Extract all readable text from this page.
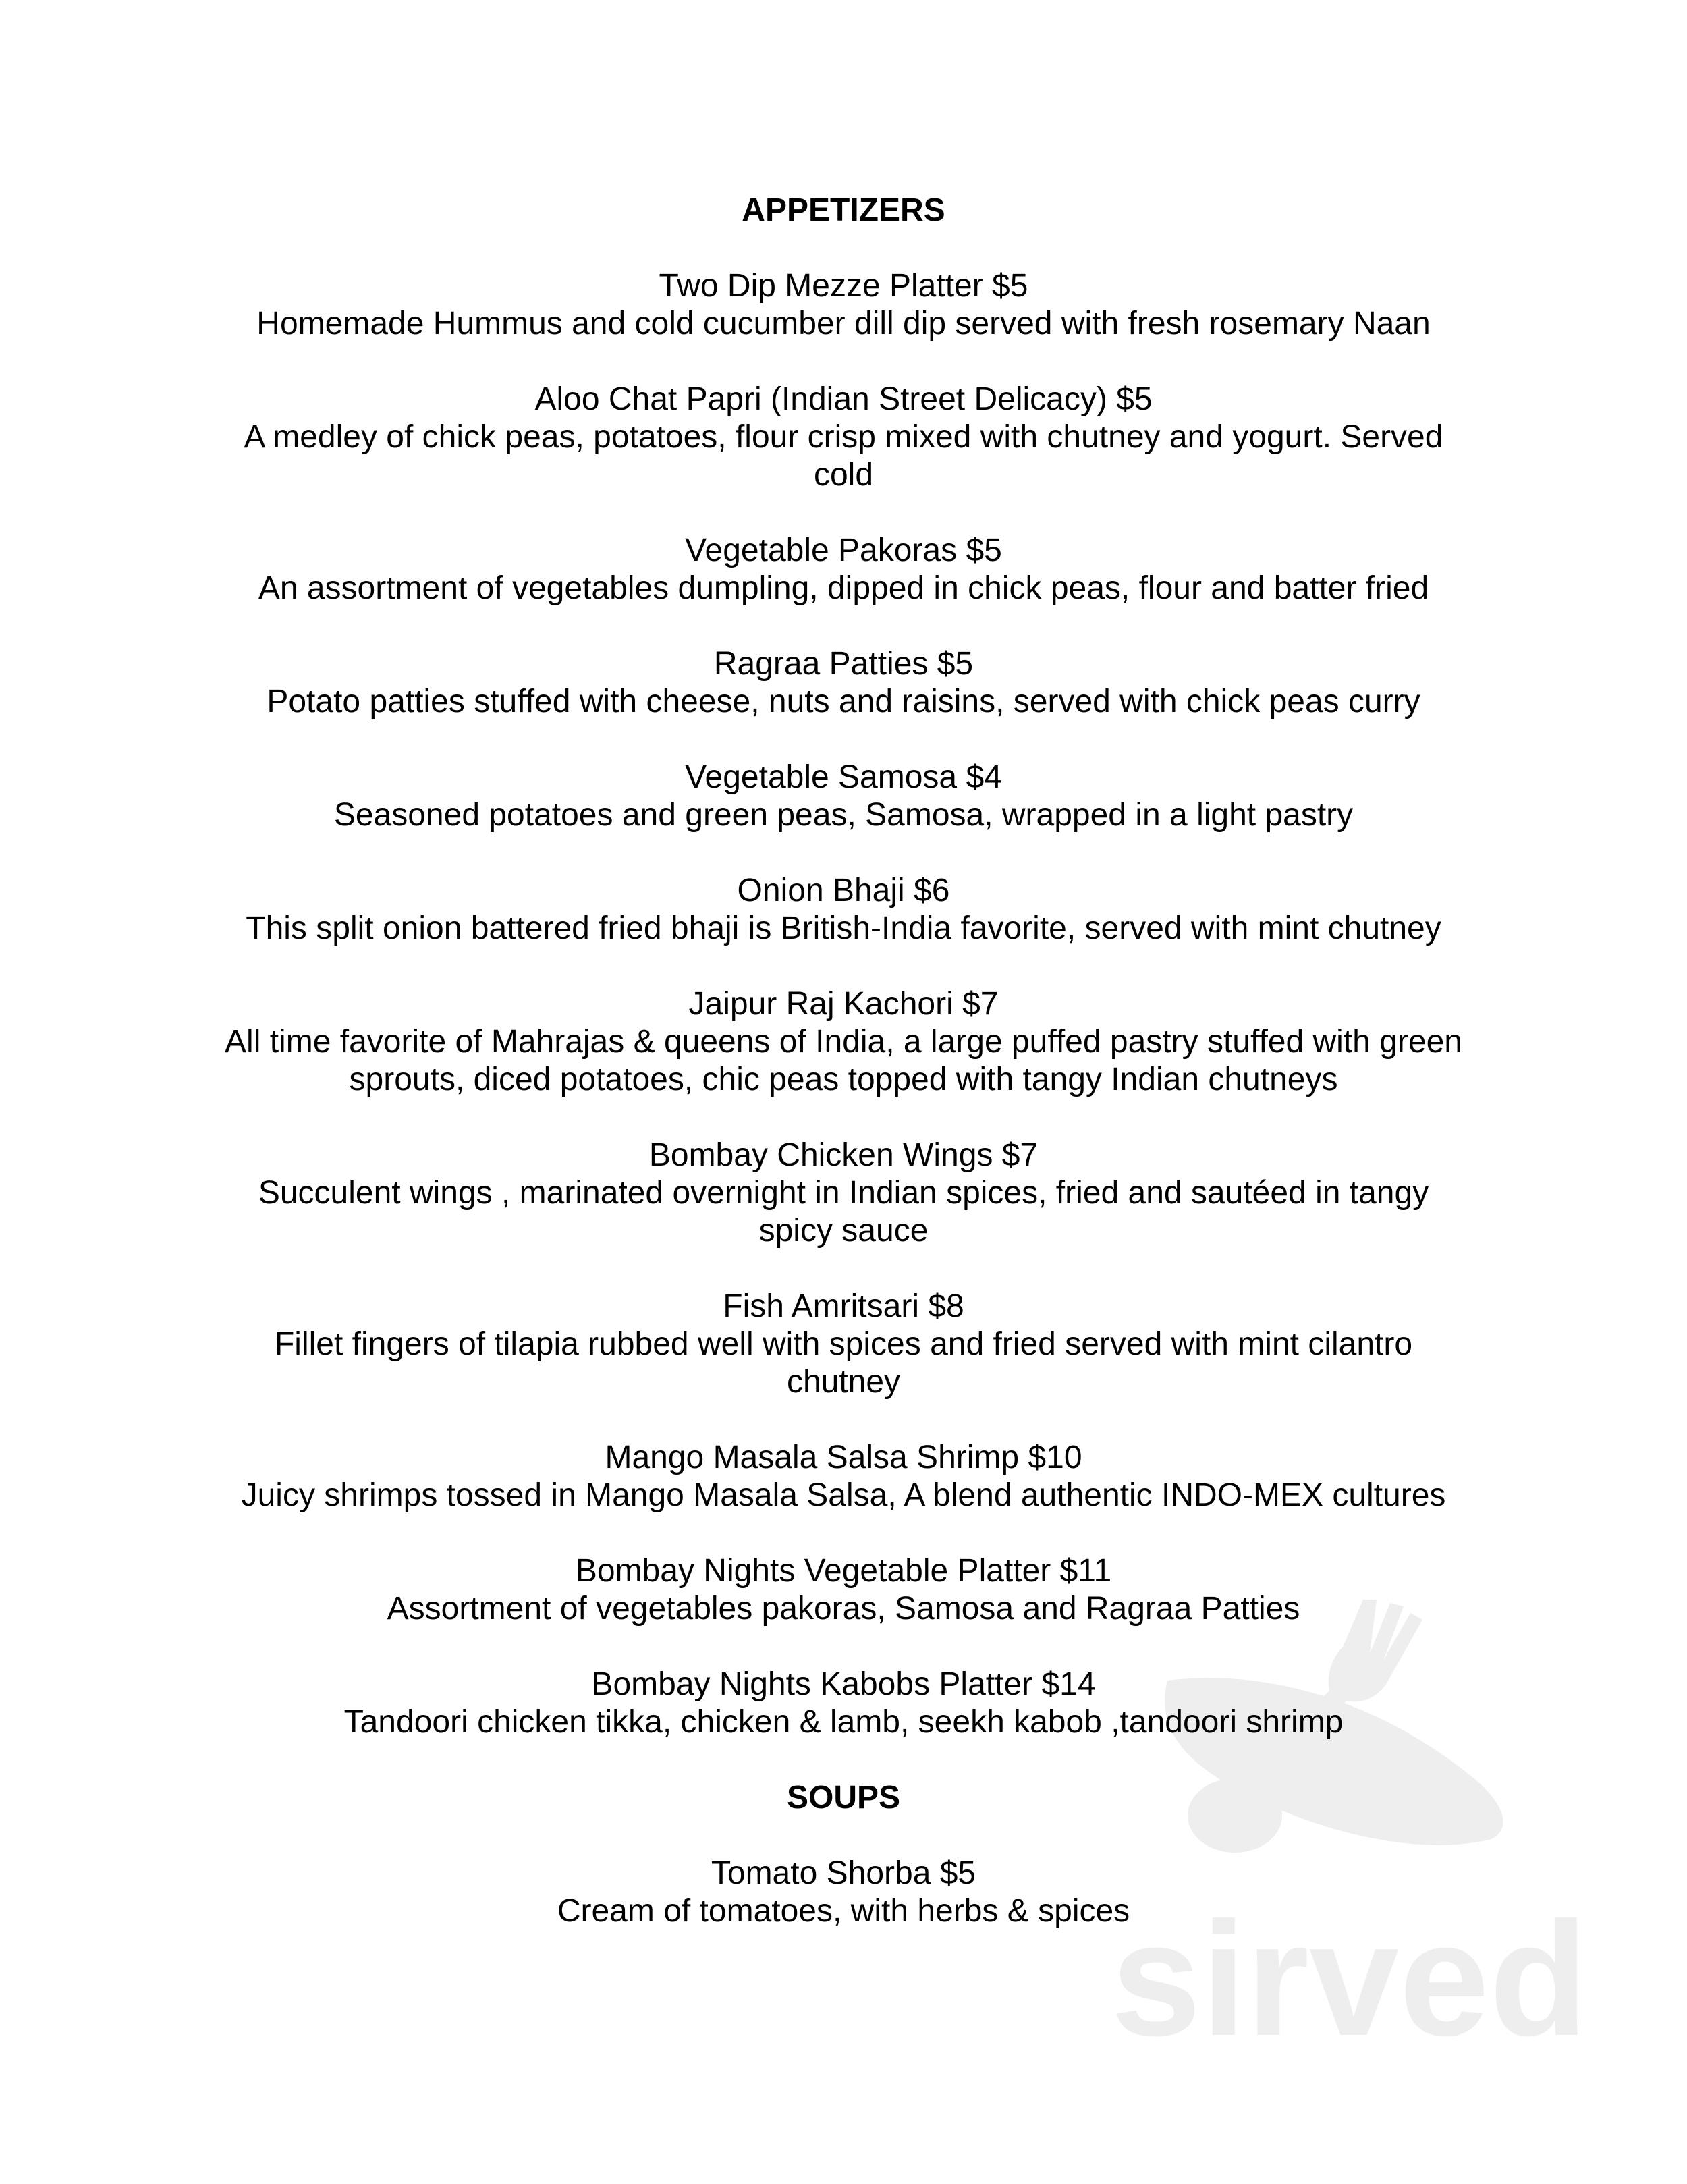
sirved
APPETIZERS
Two Dip Mezze Platter $5
Homemade Hummus and cold cucumber dill dip served with fresh rosemary Naan
Aloo Chat Papri (Indian Street Delicacy) $5
A medley of chick peas, potatoes, flour crisp mixed with chutney and yogurt. Served
cold
Vegetable Pakoras $5
An assortment of vegetables dumpling, dipped in chick peas, flour and batter fried
Ragraa Patties $5
Potato patties stuffed with cheese, nuts and raisins, served with chick peas curry
Vegetable Samosa $4
Seasoned potatoes and green peas, Samosa, wrapped in a light pastry
Onion Bhaji $6
This split onion battered fried bhaji is British-India favorite, served with mint chutney
Jaipur Raj Kachori $7
All time favorite of Mahrajas & queens of India, a large puffed pastry stuffed with green
sprouts, diced potatoes, chic peas topped with tangy Indian chutneys
Bombay Chicken Wings $7
Succulent wings , marinated overnight in Indian spices, fried and sautéed in tangy
spicy sauce
Fish Amritsari $8
Fillet fingers of tilapia rubbed well with spices and fried served with mint cilantro
chutney
Mango Masala Salsa Shrimp $10
Juicy shrimps tossed in Mango Masala Salsa, A blend authentic INDO-MEX cultures
Bombay Nights Vegetable Platter $11
Assortment of vegetables pakoras, Samosa and Ragraa Patties
Bombay Nights Kabobs Platter $14
Tandoori chicken tikka, chicken & lamb, seekh kabob ,tandoori shrimp
SOUPS
Tomato Shorba $5
Cream of tomatoes, with herbs & spices
